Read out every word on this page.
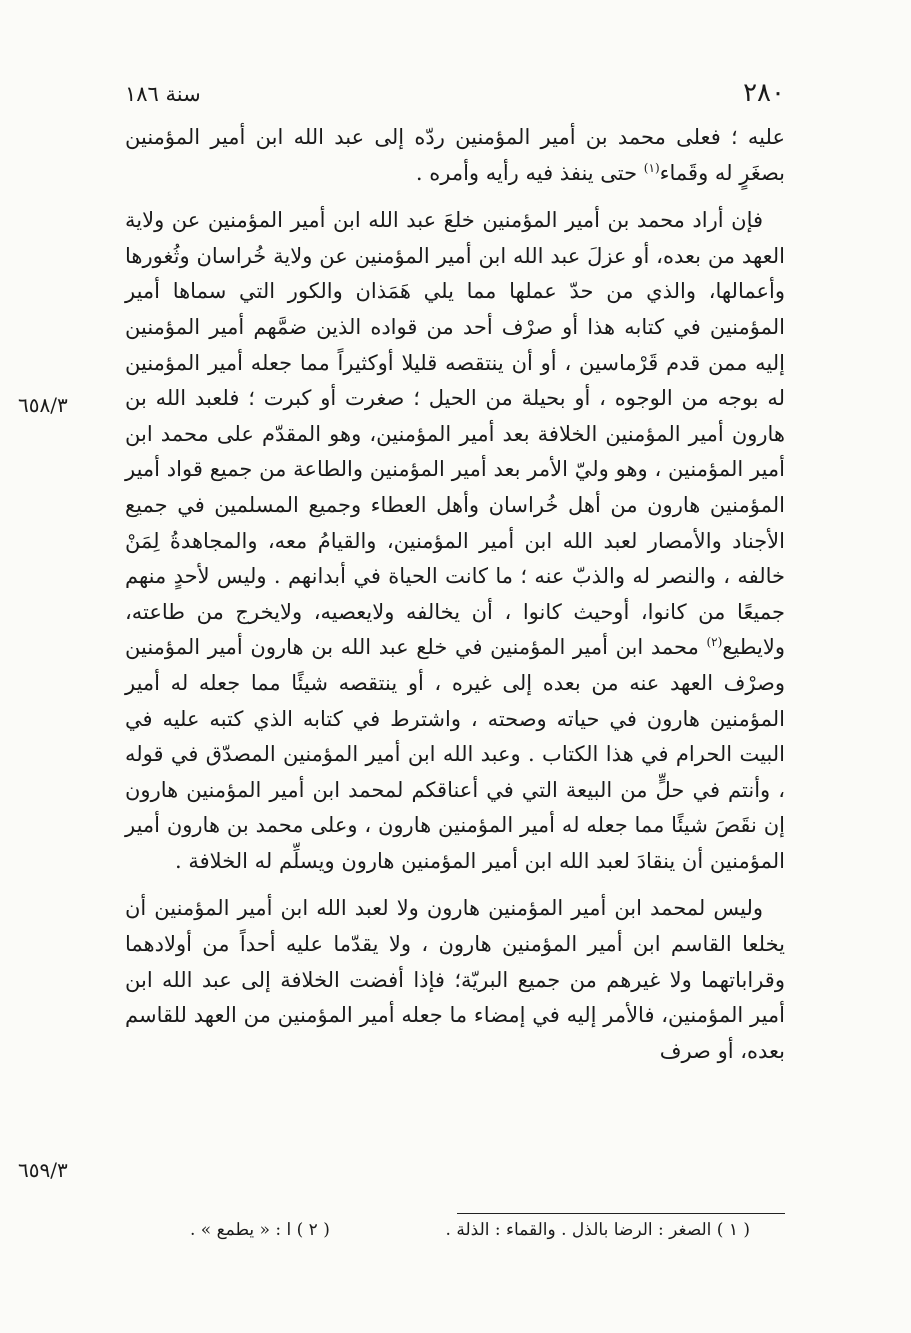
٢٨٠
سنة ١٨٦
٦٥٨/٣
٦٥٩/٣

عليه ؛ فعلى محمد بن أمير المؤمنين ردّه إلى عبد الله ابن أمير المؤمنين بصغَرٍ له وقَماء$^{(١)}$ حتى ينفذ فيه رأيه وأمره .

فإن أراد محمد بن أمير المؤمنين خلعَ عبد الله ابن أمير المؤمنين عن ولاية العهد من بعده، أو عزلَ عبد الله ابن أمير المؤمنين عن ولاية خُراسان وثُغورها وأعمالها، والذي من حدّ عملها مما يلي هَمَذان والكور التي سماها أمير المؤمنين في كتابه هذا أو صرْف أحد من قواده الذين ضمَّهم أمير المؤمنين إليه ممن قدم قَرْماسين ، أو أن ينتقصه قليلا أوكثيراً مما جعله أمير المؤمنين له بوجه من الوجوه ، أو بحيلة من الحيل ؛ صغرت أو كبرت ؛ فلعبد الله بن هارون أمير المؤمنين الخلافة بعد أمير المؤمنين، وهو المقدّم على محمد ابن أمير المؤمنين ، وهو وليّ الأمر بعد أمير المؤمنين والطاعة من جميع قواد أمير المؤمنين هارون من أهل خُراسان وأهل العطاء وجميع المسلمين في جميع الأجناد والأمصار لعبد الله ابن أمير المؤمنين، والقيامُ معه، والمجاهدةُ لِمَنْ خالفه ، والنصر له والذبّ عنه ؛ ما كانت الحياة في أبدانهم . وليس لأحدٍ منهم جميعًا من كانوا، أوحيث كانوا ، أن يخالفه ولايعصيه، ولايخرج من طاعته، ولايطيع$^{(٢)}$ محمد ابن أمير المؤمنين في خلع عبد الله بن هارون أمير المؤمنين وصرْف العهد عنه من بعده إلى غيره ، أو ينتقصه شيئًا مما جعله له أمير المؤمنين هارون في حياته وصحته ، واشترط في كتابه الذي كتبه عليه في البيت الحرام في هذا الكتاب . وعبد الله ابن أمير المؤمنين المصدّق في قوله ، وأنتم في حلٍّ من البيعة التي في أعناقكم لمحمد ابن أمير المؤمنين هارون إن نقَصَ شيئًا مما جعله له أمير المؤمنين هارون ، وعلى محمد بن هارون أمير المؤمنين أن ينقادَ لعبد الله ابن أمير المؤمنين هارون ويسلِّم له الخلافة .

وليس لمحمد ابن أمير المؤمنين هارون ولا لعبد الله ابن أمير المؤمنين أن يخلعا القاسم ابن أمير المؤمنين هارون ، ولا يقدّما عليه أحداً من أولادهما وقراباتهما ولا غيرهم من جميع البريّة؛ فإذا أفضت الخلافة إلى عبد الله ابن أمير المؤمنين، فالأمر إليه في إمضاء ما جعله أمير المؤمنين من العهد للقاسم بعده، أو صرف

( ١ ) الصغر : الرضا بالذل . والقماء : الذلة .
( ٢ ) ا : « يطمع » .
